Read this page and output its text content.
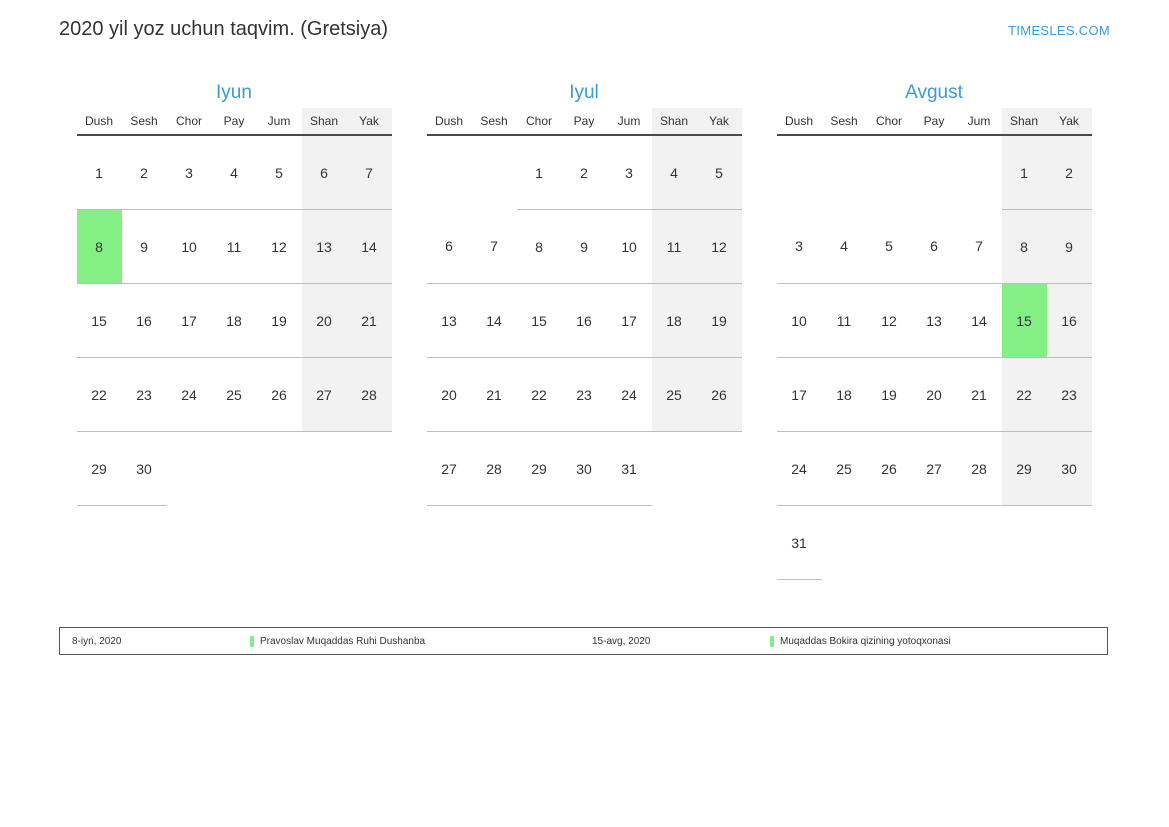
2020 yil yoz uchun taqvim. (Gretsiya)	TIMESLES.COM
Iyun
Dush	Sesh	Chor	Pay	Jum	Shan	Yak
1	2	3	4	5	6	7
8	9	10	11	12	13	14
15	16	17	18	19	20	21
22	23	24	25	26	27	28
29	30					
Iyul
Dush	Sesh	Chor	Pay	Jum	Shan	Yak
		1	2	3	4	5
6	7	8	9	10	11	12
13	14	15	16	17	18	19
20	21	22	23	24	25	26
27	28	29	30	31		
Avgust
Dush	Sesh	Chor	Pay	Jum	Shan	Yak
					1	2
3	4	5	6	7	8	9
10	11	12	13	14	15	16
17	18	19	20	21	22	23
24	25	26	27	28	29	30
31						
8-iyn, 2020	Pravoslav Muqaddas Ruhi Dushanba	15-avg, 2020	Muqaddas Bokira qizining yotoqxonasi
